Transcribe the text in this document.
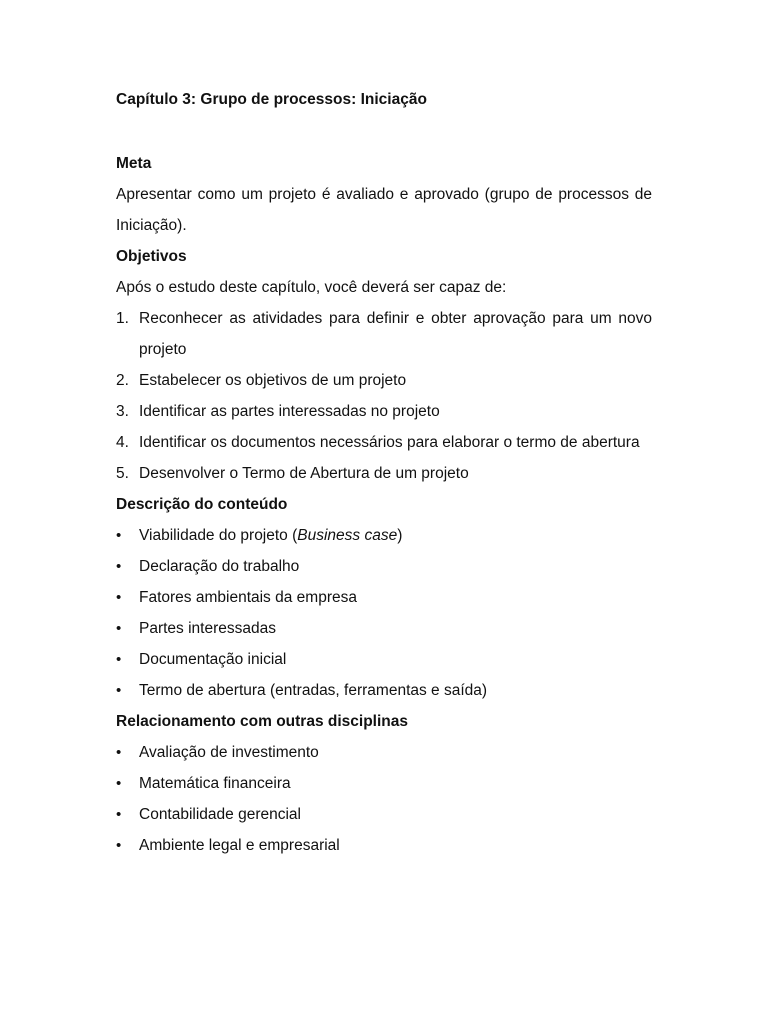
Capítulo 3: Grupo de processos: Iniciação

Meta

Apresentar como um projeto é avaliado e aprovado (grupo de processos de Iniciação).

Objetivos

Após o estudo deste capítulo, você deverá ser capaz de:

1. Reconhecer as atividades para definir e obter aprovação para um novo projeto
2. Estabelecer os objetivos de um projeto
3. Identificar as partes interessadas no projeto
4. Identificar os documentos necessários para elaborar o termo de abertura
5. Desenvolver o Termo de Abertura de um projeto

Descrição do conteúdo

• Viabilidade do projeto (Business case)
• Declaração do trabalho
• Fatores ambientais da empresa
• Partes interessadas
• Documentação inicial
• Termo de abertura (entradas, ferramentas e saída)

Relacionamento com outras disciplinas

• Avaliação de investimento
• Matemática financeira
• Contabilidade gerencial
• Ambiente legal e empresarial
